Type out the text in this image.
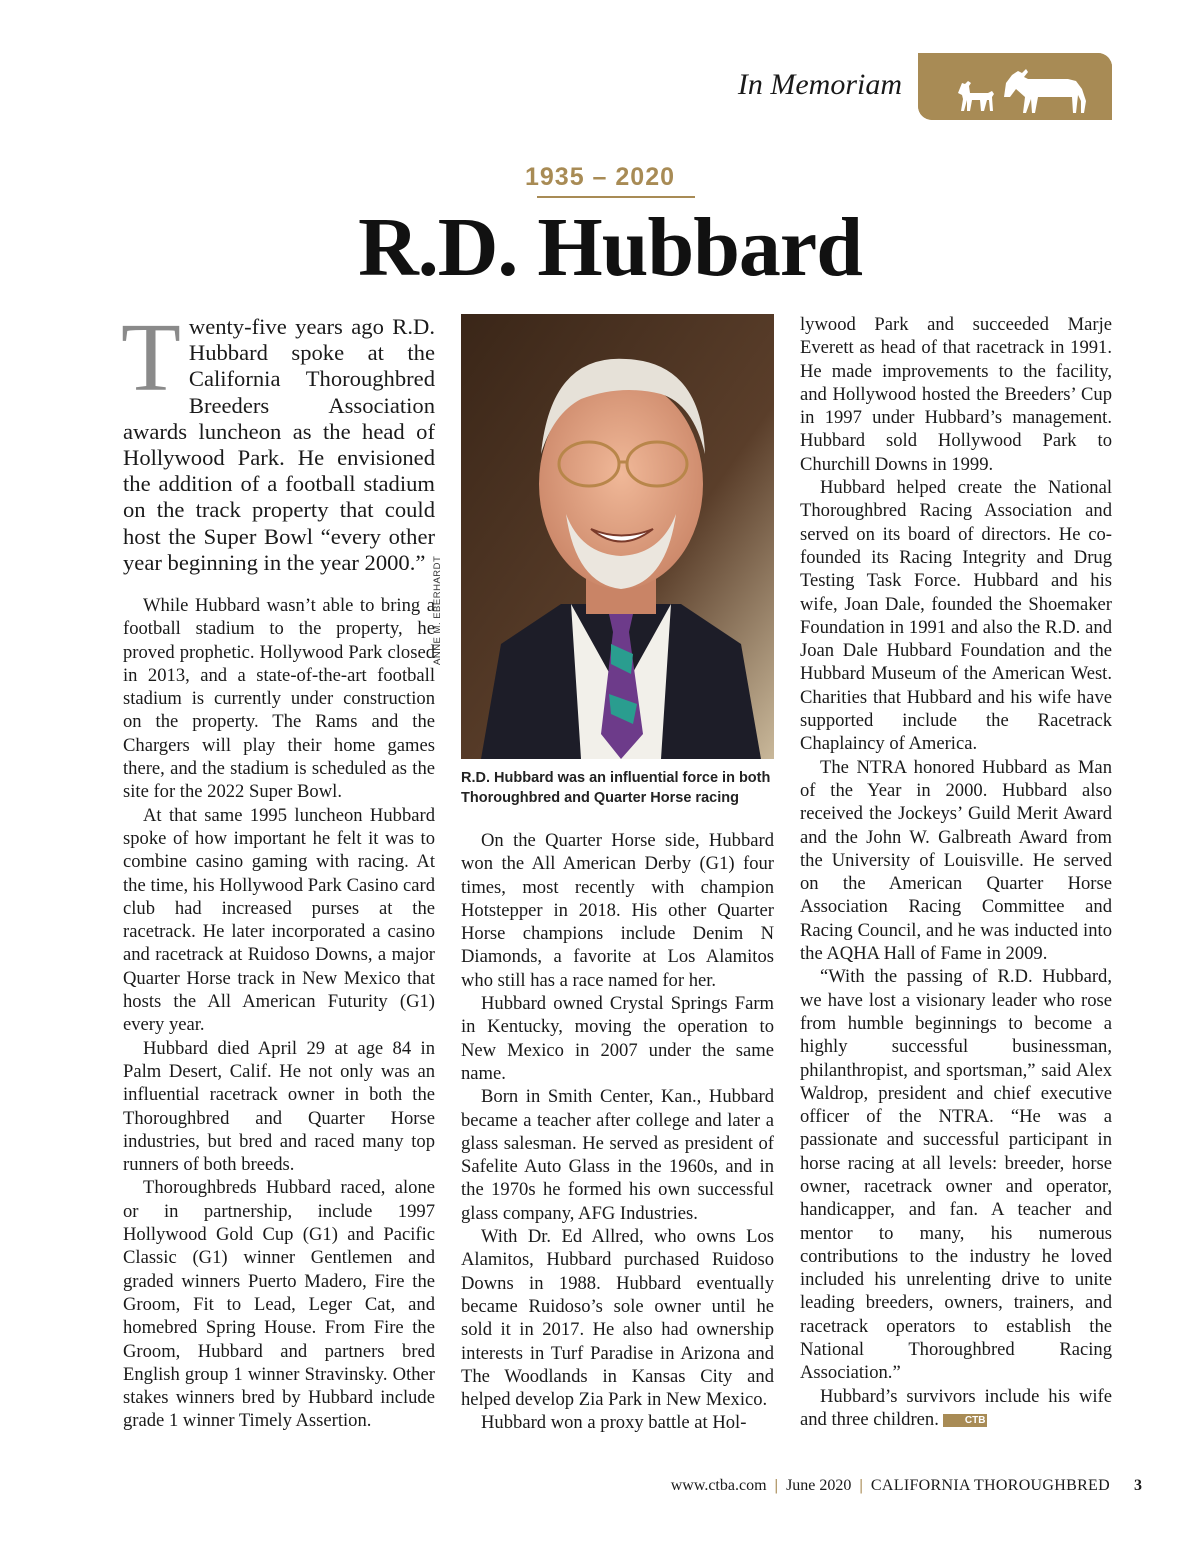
In Memoriam
1935 – 2020
R.D. Hubbard
Twenty-five years ago R.D. Hubbard spoke at the California Thoroughbred Breeders Association awards luncheon as the head of Hollywood Park. He envisioned the addition of a football stadium on the track property that could host the Super Bowl “every other year beginning in the year 2000.”

While Hubbard wasn’t able to bring a football stadium to the property, he proved prophetic. Hollywood Park closed in 2013, and a state-of-the-art football stadium is currently under construction on the property. The Rams and the Chargers will play their home games there, and the stadium is scheduled as the site for the 2022 Super Bowl.

At that same 1995 luncheon Hubbard spoke of how important he felt it was to combine casino gaming with racing. At the time, his Hollywood Park Casino card club had increased purses at the racetrack. He later incorporated a casino and racetrack at Ruidoso Downs, a major Quarter Horse track in New Mexico that hosts the All American Futurity (G1) every year.

Hubbard died April 29 at age 84 in Palm Desert, Calif. He not only was an influential racetrack owner in both the Thoroughbred and Quarter Horse industries, but bred and raced many top runners of both breeds.

Thoroughbreds Hubbard raced, alone or in partnership, include 1997 Hollywood Gold Cup (G1) and Pacific Classic (G1) winner Gentlemen and graded winners Puerto Madero, Fire the Groom, Fit to Lead, Leger Cat, and homebred Spring House. From Fire the Groom, Hubbard and partners bred English group 1 winner Stravinsky. Other stakes winners bred by Hubbard include grade 1 winner Timely Assertion.

ANNE M. EBERHARDT
R.D. Hubbard was an influential force in both
Thoroughbred and Quarter Horse racing

On the Quarter Horse side, Hubbard won the All American Derby (G1) four times, most recently with champion Hotstepper in 2018. His other Quarter Horse champions include Denim N Diamonds, a favorite at Los Alamitos who still has a race named for her.

Hubbard owned Crystal Springs Farm in Kentucky, moving the operation to New Mexico in 2007 under the same name.

Born in Smith Center, Kan., Hubbard became a teacher after college and later a glass salesman. He served as president of Safelite Auto Glass in the 1960s, and in the 1970s he formed his own successful glass company, AFG Industries.

With Dr. Ed Allred, who owns Los Alamitos, Hubbard purchased Ruidoso Downs in 1988. Hubbard eventually became Ruidoso’s sole owner until he sold it in 2017. He also had ownership interests in Turf Paradise in Arizona and The Woodlands in Kansas City and helped develop Zia Park in New Mexico.

Hubbard won a proxy battle at Hol-

lywood Park and succeeded Marje Everett as head of that racetrack in 1991. He made improvements to the facility, and Hollywood hosted the Breeders’ Cup in 1997 under Hubbard’s management. Hubbard sold Hollywood Park to Churchill Downs in 1999.

Hubbard helped create the National Thoroughbred Racing Association and served on its board of directors. He co-founded its Racing Integrity and Drug Testing Task Force. Hubbard and his wife, Joan Dale, founded the Shoemaker Foundation in 1991 and also the R.D. and Joan Dale Hubbard Foundation and the Hubbard Museum of the American West. Charities that Hubbard and his wife have supported include the Racetrack Chaplaincy of America.

The NTRA honored Hubbard as Man of the Year in 2000. Hubbard also received the Jockeys’ Guild Merit Award and the John W. Galbreath Award from the University of Louisville. He served on the American Quarter Horse Association Racing Committee and Racing Council, and he was inducted into the AQHA Hall of Fame in 2009.

“With the passing of R.D. Hubbard, we have lost a visionary leader who rose from humble beginnings to become a highly successful businessman, philanthropist, and sportsman,” said Alex Waldrop, president and chief executive officer of the NTRA. “He was a passionate and successful participant in horse racing at all levels: breeder, horse owner, racetrack owner and operator, handicapper, and fan. A teacher and mentor to many, his numerous contributions to the industry he loved included his unrelenting drive to unite leading breeders, owners, trainers, and racetrack operators to establish the National Thoroughbred Racing Association.”

Hubbard’s survivors include his wife and three children.	CTB

www.ctba.com | June 2020 | CALIFORNIA THOROUGHBRED 3
